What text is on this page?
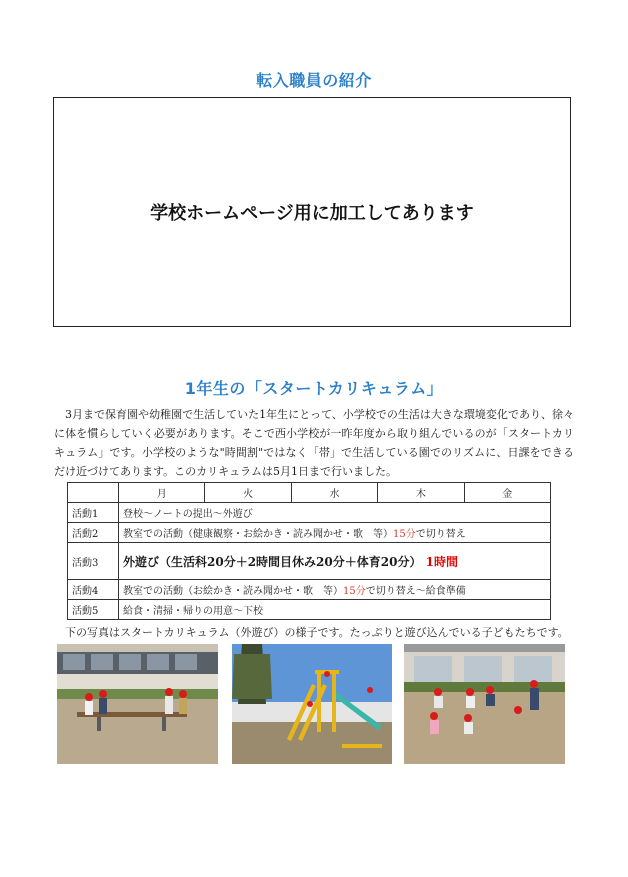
転入職員の紹介
学校ホームページ用に加工してあります
1年生の「スタートカリキュラム」

3月まで保育園や幼稚園で生活していた1年生にとって、小学校での生活は大きな環境変化であり、徐々に体を慣らしていく必要があります。そこで西小学校が一昨年度から取り組んでいるのが「スタートカリキュラム」です。小学校のような"時間割"ではなく「帯」で生活している園でのリズムに、日課をできるだけ近づけてあります。このカリキュラムは5月1日まで行いました。

	月	火	水	木	金
活動1	登校～ノートの提出～外遊び				
活動2	教室での活動（健康観察・お絵かき・読み聞かせ・歌　等）15分で切り替え				
活動3	外遊び（生活科20分＋2時間目休み20分＋体育20分） 1時間				
活動4	教室での活動（お絵かき・読み聞かせ・歌　等）15分で切り替え～給食準備				
活動5	給食・清掃・帰りの用意～下校				

下の写真はスタートカリキュラム（外遊び）の様子です。たっぷりと遊び込んでいる子どもたちです。
